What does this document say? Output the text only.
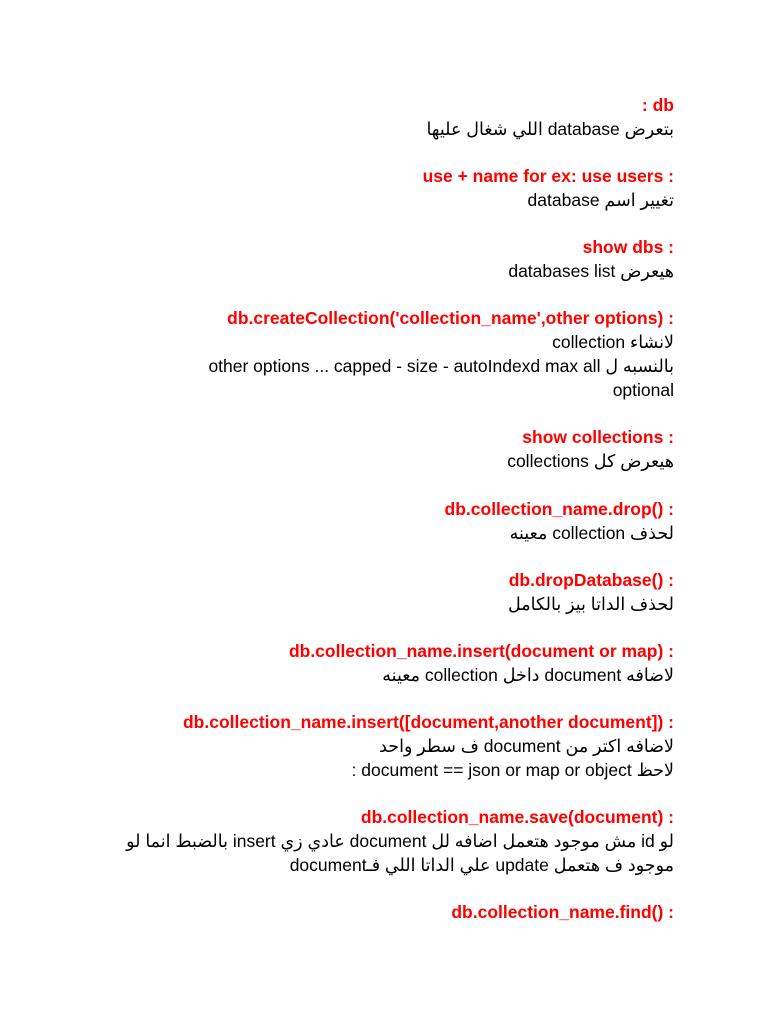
: db
بتعرض database اللي شغال عليها
use + name for ex: use users :
تغيير اسم database
show dbs :
هيعرض databases list
db.createCollection('collection_name',other options) :
لانشاء collection
بالنسبه ل other options ... capped - size - autoIndexd max all
optional
show collections :
هيعرض كل collections
db.collection_name.drop() :
لحذف collection معينه
db.dropDatabase() :
لحذف الداتا بيز بالكامل
db.collection_name.insert(document or map) :
لاضافه document داخل collection معينه
db.collection_name.insert([document,another document]) :
لاضافه اكتر من document ف سطر واحد
لاحظ document == json or map or object :
db.collection_name.save(document) :
لو id مش موجود هتعمل اضافه لل document عادي زي insert بالضبط انما لو
موجود ف هتعمل update علي الداتا اللي فـdocument
db.collection_name.find() :
